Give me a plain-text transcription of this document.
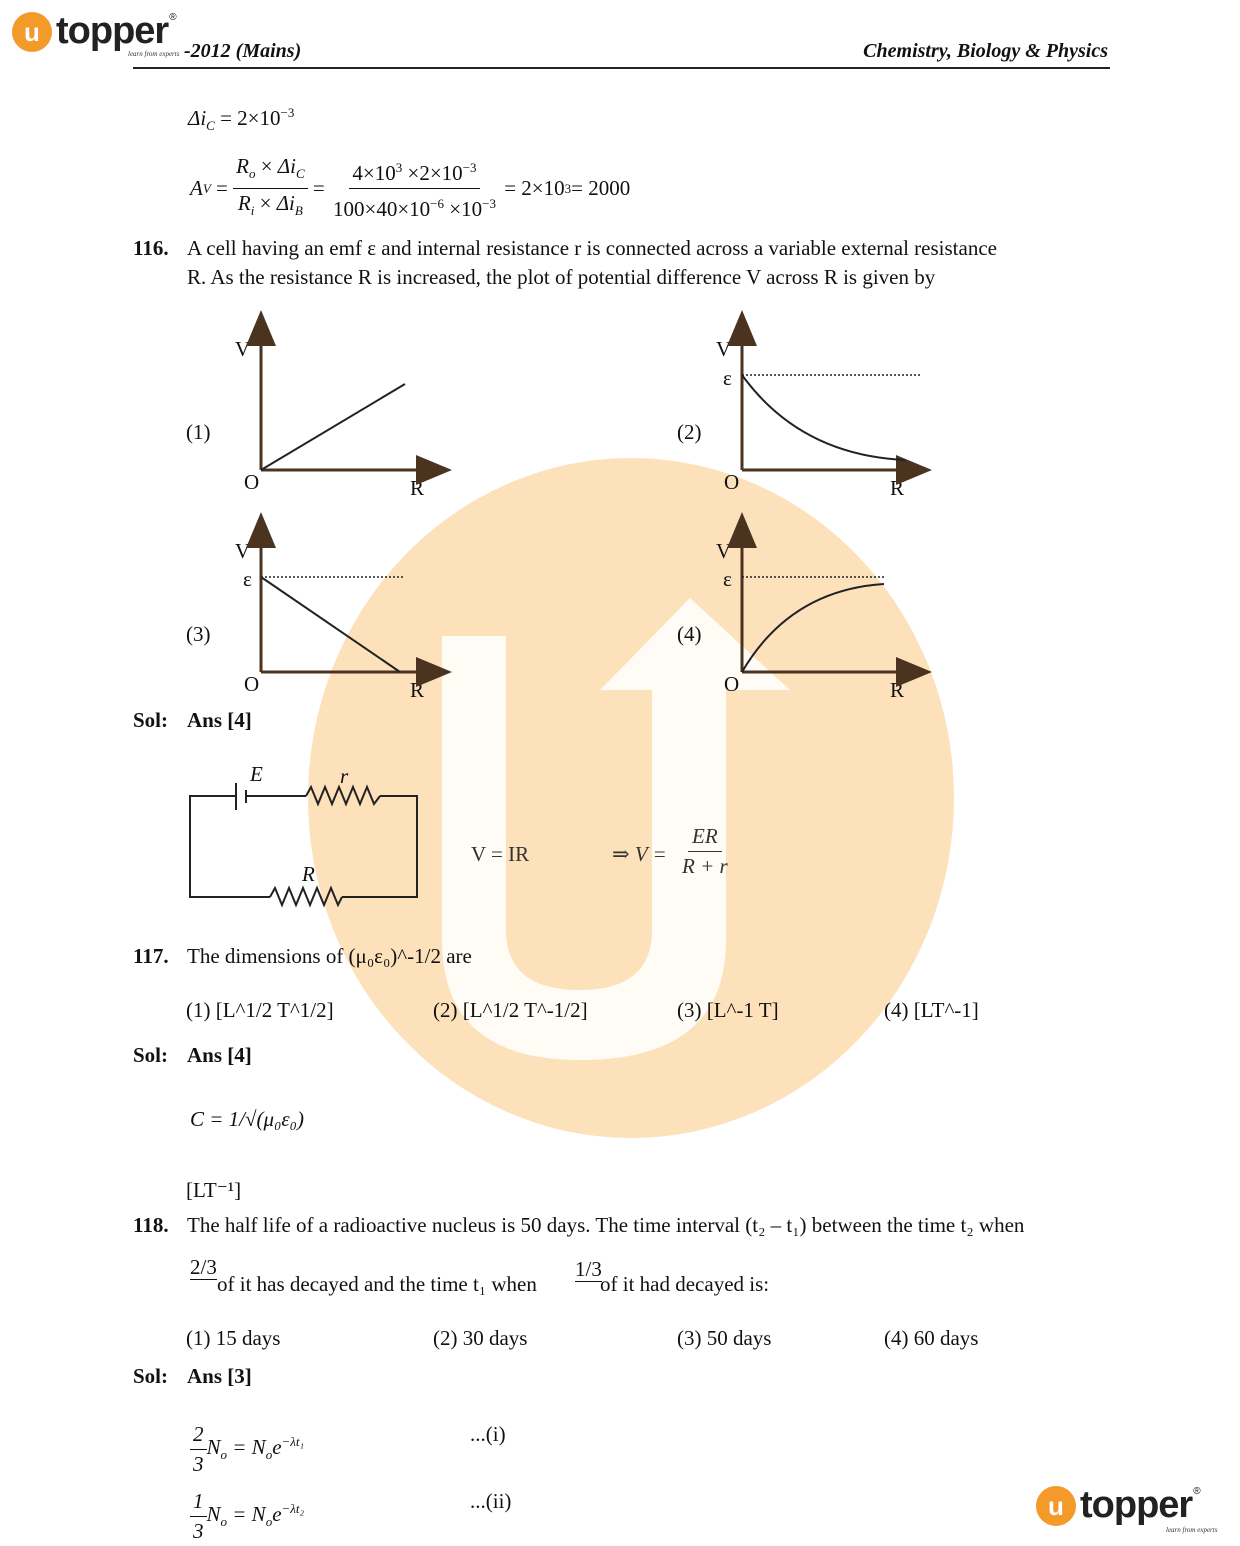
u topper ®
learn from experts -2012 (Mains)	Chemistry, Biology & Physics
$\Delta i_C = 2\times 10^{-3}$
A $V = \frac{R_o \times \Delta i_C}{R_i \times \Delta i_B} = \frac{4\times 10^3 \times 2\times 10^{-3}}{100\times 40\times 10^{-6} \times 10^{-3}} = 2\times 10$ 3 = 2000
116. A cell having an emf ε and internal resistance r is connected across a variable external resistance
R. As the resistance R is increased, the plot of potential difference V across R is given by
(1)	(2)
(3)	(4)
V
O	R
V
ε
O	R
V
ε
O	R
V
ε
O	R
Sol: Ans [4]
E	r
R
V = IR	⇒ $V = \frac{ER}{R + r}$
117. The dimensions of (μ₀ε₀)^-1/2 are
(1) [L^1/2 T^1/2]	(2) [L^1/2 T^-1/2]	(3) [L^-1 T]	(4) [LT^-1]
Sol: Ans [4]
C = 1/√(μ₀ε₀)
[LT⁻¹]
118. The half life of a radioactive nucleus is 50 days. The time interval (t₂ – t₁) between the time t₂ when
2/3
of it has decayed and the time t₁ when
1/3
of it had decayed is:
(1) 15 days	(2) 30 days	(3) 50 days	(4) 60 days
Sol: Ans [3]
$\frac{2}{3} N_o = N_oe^{-\lambda t_1}$	...(i)
$\frac{1}{3} N_o = N_oe^{-\lambda t_2}$	...(ii)	u topper ®
learn from experts
